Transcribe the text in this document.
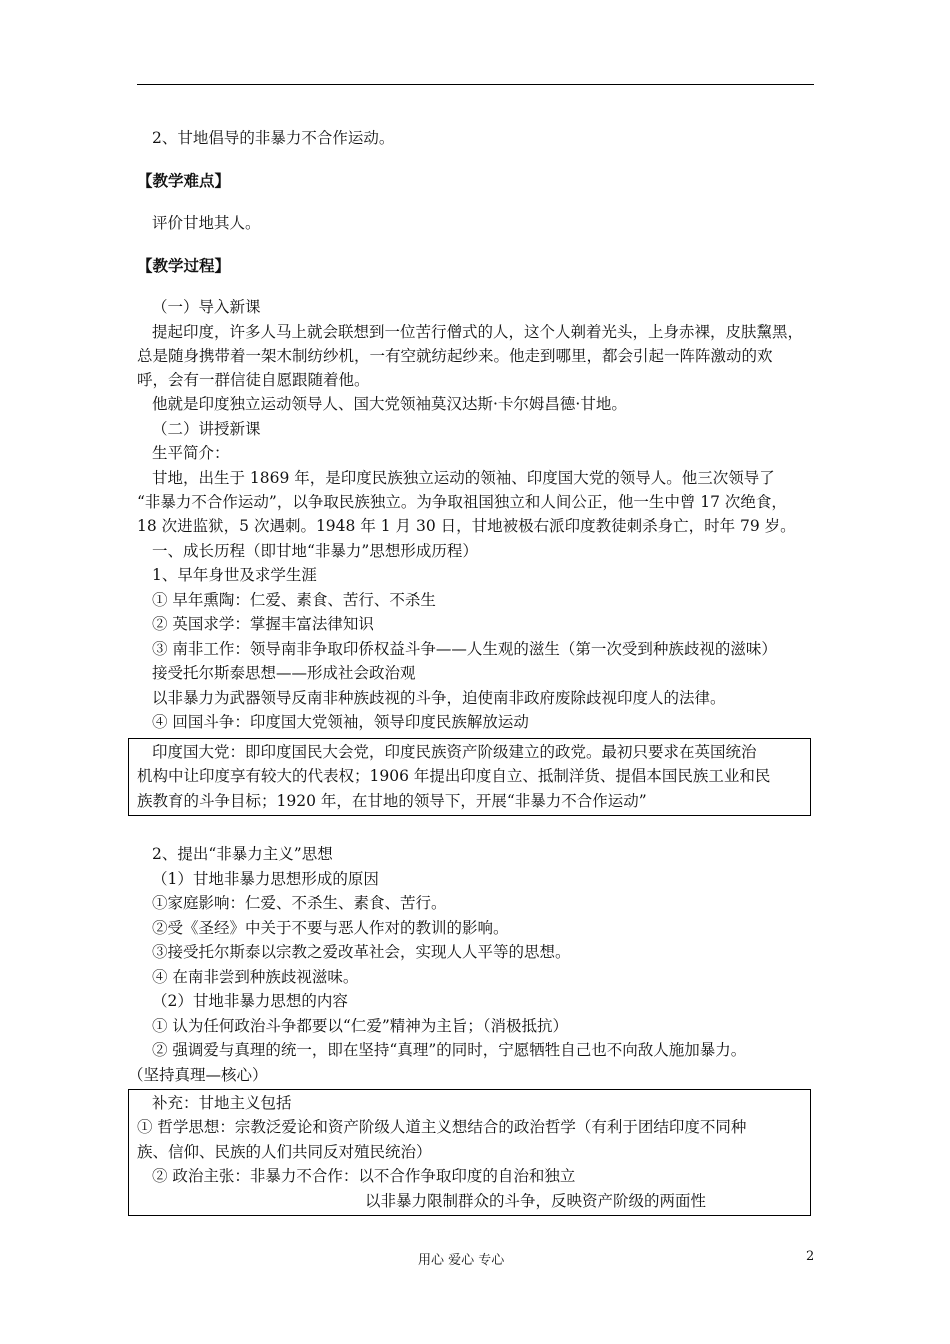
2、甘地倡导的非暴力不合作运动。
【教学难点】
评价甘地其人。
【教学过程】
（一）导入新课
提起印度，许多人马上就会联想到一位苦行僧式的人，这个人剃着光头，上身赤裸，皮肤黧黑，
总是随身携带着一架木制纺纱机，一有空就纺起纱来。他走到哪里，都会引起一阵阵激动的欢
呼，会有一群信徒自愿跟随着他。
他就是印度独立运动领导人、国大党领袖莫汉达斯·卡尔姆昌德·甘地。
（二）讲授新课
生平简介：
甘地，出生于 1869 年，是印度民族独立运动的领袖、印度国大党的领导人。他三次领导了
“非暴力不合作运动”，以争取民族独立。为争取祖国独立和人间公正，他一生中曾 17 次绝食，
18 次进监狱，5 次遇刺。1948 年 1 月 30 日，甘地被极右派印度教徒刺杀身亡，时年 79 岁。
一、成长历程（即甘地“非暴力”思想形成历程）
1、早年身世及求学生涯
① 早年熏陶：仁爱、素食、苦行、不杀生
② 英国求学：掌握丰富法律知识
③ 南非工作：领导南非争取印侨权益斗争——人生观的滋生（第一次受到种族歧视的滋味）
接受托尔斯泰思想——形成社会政治观
以非暴力为武器领导反南非种族歧视的斗争，迫使南非政府废除歧视印度人的法律。
④ 回国斗争：印度国大党领袖，领导印度民族解放运动
印度国大党：即印度国民大会党，印度民族资产阶级建立的政党。最初只要求在英国统治
机构中让印度享有较大的代表权；1906 年提出印度自立、抵制洋货、提倡本国民族工业和民
族教育的斗争目标；1920 年，在甘地的领导下，开展“非暴力不合作运动”
2、提出“非暴力主义”思想
（1）甘地非暴力思想形成的原因
①家庭影响：仁爱、不杀生、素食、苦行。
②受《圣经》中关于不要与恶人作对的教训的影响。
③接受托尔斯泰以宗教之爱改革社会，实现人人平等的思想。
④ 在南非尝到种族歧视滋味。
（2）甘地非暴力思想的内容
① 认为任何政治斗争都要以“仁爱”精神为主旨；（消极抵抗）
② 强调爱与真理的统一，即在坚持“真理”的同时，宁愿牺牲自己也不向敌人施加暴力。
（坚持真理—核心）
补充：甘地主义包括
① 哲学思想：宗教泛爱论和资产阶级人道主义想结合的政治哲学（有利于团结印度不同种
族、信仰、民族的人们共同反对殖民统治）
② 政治主张：非暴力不合作：以不合作争取印度的自治和独立
以非暴力限制群众的斗争，反映资产阶级的两面性
用心 爱心 专心	2
